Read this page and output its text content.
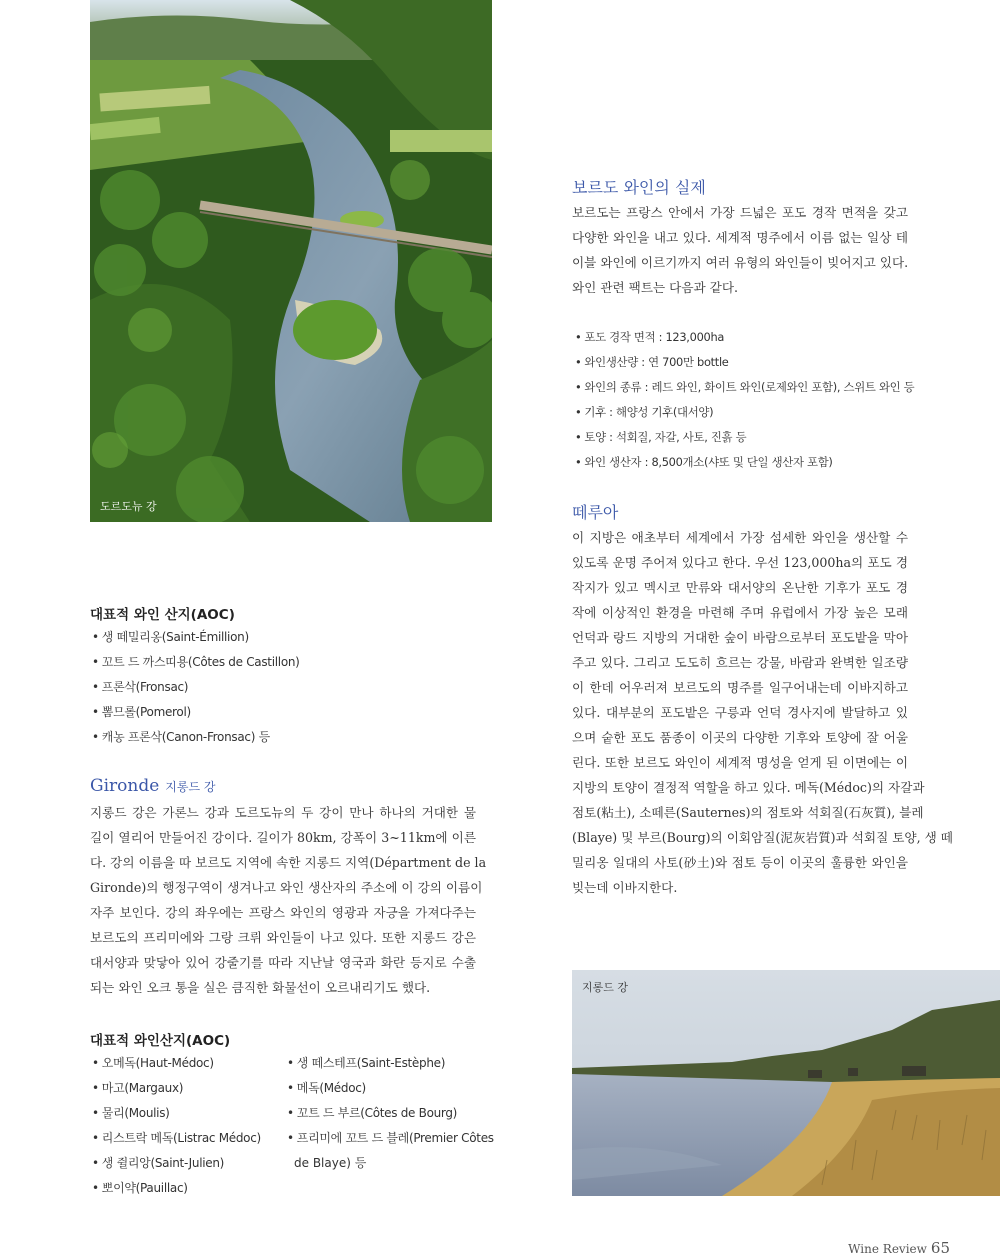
도르도뉴 강
보르도 와인의 실제
보르도는 프랑스 안에서 가장 드넓은 포도 경작 면적을 갖고
다양한 와인을 내고 있다. 세계적 명주에서 이름 없는 일상 테
이블 와인에 이르기까지 여러 유형의 와인들이 빚어지고 있다.
와인 관련 팩트는 다음과 같다.
• 포도 경작 면적 : 123,000ha
• 와인생산량 : 연 700만 bottle
• 와인의 종류 : 레드 와인, 화이트 와인(로제와인 포함), 스위트 와인 등
• 기후 : 해양성 기후(대서양)
• 토양 : 석회질, 자갈, 사토, 진흙 등
• 와인 생산자 : 8,500개소(샤또 및 단일 생산자 포함)
떼루아
이 지방은 애초부터 세계에서 가장 섬세한 와인을 생산할 수
있도록 운명 주어져 있다고 한다. 우선 123,000ha의 포도 경
작지가 있고 멕시코 만류와 대서양의 온난한 기후가 포도 경
작에 이상적인 환경을 마련해 주며 유럽에서 가장 높은 모래
언덕과 랑드 지방의 거대한 숲이 바람으로부터 포도밭을 막아
주고 있다. 그리고 도도히 흐르는 강물, 바람과 완벽한 일조량
이 한데 어우러져 보르도의 명주를 일구어내는데 이바지하고
있다. 대부분의 포도밭은 구릉과 언덕 경사지에 발달하고 있
으며 숱한 포도 품종이 이곳의 다양한 기후와 토양에 잘 어울
린다. 또한 보르도 와인이 세계적 명성을 얻게 된 이면에는 이
지방의 토양이 결정적 역할을 하고 있다. 메독(Médoc)의 자갈과
점토(粘土), 소떼른(Sauternes)의 점토와 석회질(石灰質), 블레
(Blaye) 및 부르(Bourg)의 이회암질(泥灰岩質)과 석회질 토양, 생 떼
밀리옹 일대의 사토(砂土)와 점토 등이 이곳의 훌륭한 와인을
빚는데 이바지한다.
대표적 와인 산지(AOC)
• 생 떼밀리옹(Saint-Émillion)
• 꼬트 드 까스띠용(Côtes de Castillon)
• 프론삭(Fronsac)
• 뽐므롤(Pomerol)
• 캐농 프론삭(Canon-Fronsac) 등
Gironde 지롱드 강
지롱드 강은 가론느 강과 도르도뉴의 두 강이 만나 하나의 거대한 물
길이 열리어 만들어진 강이다. 길이가 80km, 강폭이 3~11km에 이른
다. 강의 이름을 따 보르도 지역에 속한 지롱드 지역(Départment de la
Gironde)의 행정구역이 생겨나고 와인 생산자의 주소에 이 강의 이름이
자주 보인다. 강의 좌우에는 프랑스 와인의 영광과 자긍을 가져다주는
보르도의 프리미에와 그랑 크뤼 와인들이 나고 있다. 또한 지롱드 강은
대서양과 맞닿아 있어 강줄기를 따라 지난날 영국과 화란 등지로 수출
되는 와인 오크 통을 실은 큼직한 화물선이 오르내리기도 했다.
대표적 와인산지(AOC)
• 오메독(Haut-Médoc)
• 마고(Margaux)
• 물리(Moulis)
• 리스트락 메독(Listrac Médoc)
• 생 쥘리앙(Saint-Julien)
• 뽀이약(Pauillac)
• 생 떼스테프(Saint-Estèphe)
• 메독(Médoc)
• 꼬트 드 부르(Côtes de Bourg)
• 프리미에 꼬트 드 블레(Premier Côtes
de Blaye) 등
지롱드 강
Wine Review 65
